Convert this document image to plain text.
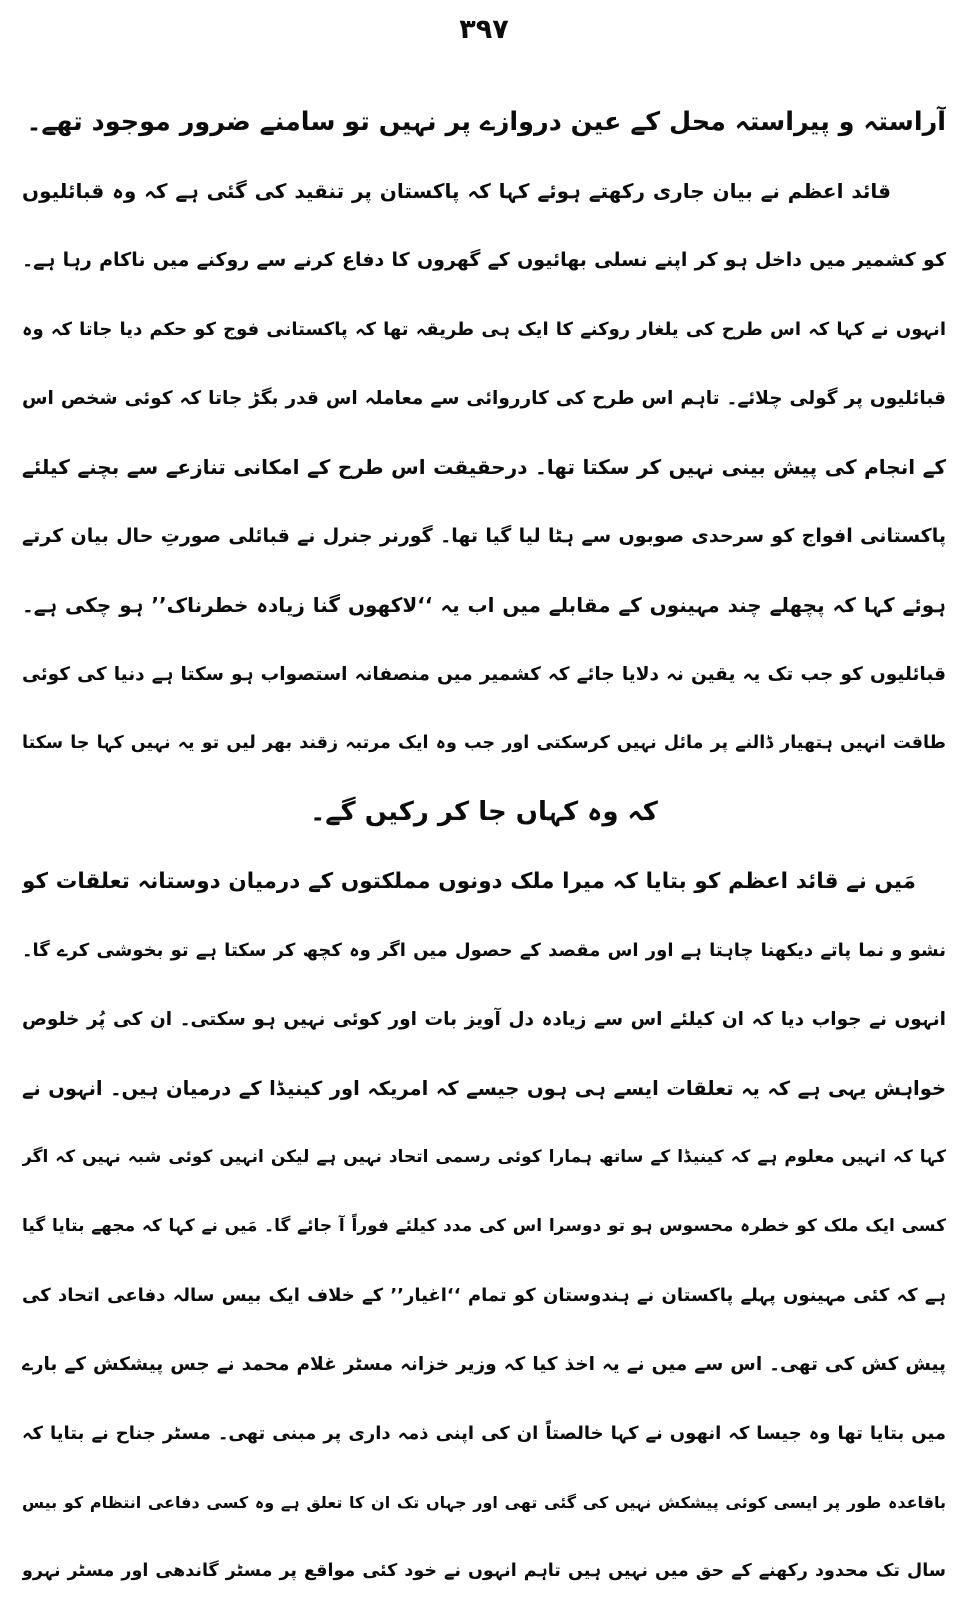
۳۹۷
آراستہ و پیراستہ محل کے عین دروازے پر نہیں تو سامنے ضرور موجود تھے۔
قائد اعظم نے بیان جاری رکھتے ہوئے کہا کہ پاکستان پر تنقید کی گئی ہے کہ وہ قبائلیوں
کو کشمیر میں داخل ہو کر اپنے نسلی بھائیوں کے گھروں کا دفاع کرنے سے روکنے میں ناکام رہا ہے۔
انہوں نے کہا کہ اس طرح کی یلغار روکنے کا ایک ہی طریقہ تھا کہ پاکستانی فوج کو حکم دیا جاتا کہ وہ
قبائلیوں پر گولی چلائے۔ تاہم اس طرح کی کارروائی سے معاملہ اس قدر بگڑ جاتا کہ کوئی شخص اس
کے انجام کی پیش بینی نہیں کر سکتا تھا۔ درحقیقت اس طرح کے امکانی تنازعے سے بچنے کیلئے
پاکستانی افواج کو سرحدی صوبوں سے ہٹا لیا گیا تھا۔ گورنر جنرل نے قبائلی صورتِ حال بیان کرتے
ہوئے کہا کہ پچھلے چند مہینوں کے مقابلے میں اب یہ ‘‘لاکھوں گنا زیادہ خطرناک’’ ہو چکی ہے۔
قبائلیوں کو جب تک یہ یقین نہ دلایا جائے کہ کشمیر میں منصفانہ استصواب ہو سکتا ہے دنیا کی کوئی
طاقت انہیں ہتھیار ڈالنے پر مائل نہیں کرسکتی اور جب وہ ایک مرتبہ زقند بھر لیں تو یہ نہیں کہا جا سکتا
کہ وہ کہاں جا کر رکیں گے۔
مَیں نے قائد اعظم کو بتایا کہ میرا ملک دونوں مملکتوں کے درمیان دوستانہ تعلقات کو
نشو و نما پاتے دیکھنا چاہتا ہے اور اس مقصد کے حصول میں اگر وہ کچھ کر سکتا ہے تو بخوشی کرے گا۔
انہوں نے جواب دیا کہ ان کیلئے اس سے زیادہ دل آویز بات اور کوئی نہیں ہو سکتی۔ ان کی پُر خلوص
خواہش یہی ہے کہ یہ تعلقات ایسے ہی ہوں جیسے کہ امریکہ اور کینیڈا کے درمیان ہیں۔ انہوں نے
کہا کہ انہیں معلوم ہے کہ کینیڈا کے ساتھ ہمارا کوئی رسمی اتحاد نہیں ہے لیکن انہیں کوئی شبہ نہیں کہ اگر
کسی ایک ملک کو خطرہ محسوس ہو تو دوسرا اس کی مدد کیلئے فوراً آ جائے گا۔ مَیں نے کہا کہ مجھے بتایا گیا
ہے کہ کئی مہینوں پہلے پاکستان نے ہندوستان کو تمام ‘‘اغیار’’ کے خلاف ایک بیس سالہ دفاعی اتحاد کی
پیش کش کی تھی۔ اس سے میں نے یہ اخذ کیا کہ وزیر خزانہ مسٹر غلام محمد نے جس پیشکش کے بارے
میں بتایا تھا وہ جیسا کہ انھوں نے کہا خالصتاً ان کی اپنی ذمہ داری پر مبنی تھی۔ مسٹر جناح نے بتایا کہ
باقاعدہ طور پر ایسی کوئی پیشکش نہیں کی گئی تھی اور جہاں تک ان کا تعلق ہے وہ کسی دفاعی انتظام کو بیس
سال تک محدود رکھنے کے حق میں نہیں ہیں تاہم انہوں نے خود کئی مواقع پر مسٹر گاندھی اور مسٹر نہرو
